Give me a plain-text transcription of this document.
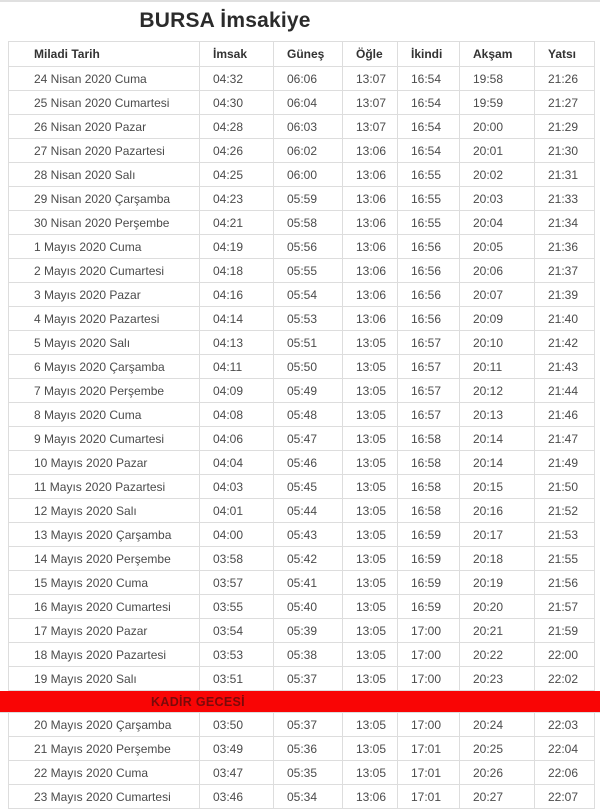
BURSA İmsakiye
Miladi Tarih	İmsak	Güneş	Öğle	İkindi	Akşam	Yatsı
24 Nisan 2020 Cuma	04:32	06:06	13:07	16:54	19:58	21:26
25 Nisan 2020 Cumartesi	04:30	06:04	13:07	16:54	19:59	21:27
26 Nisan 2020 Pazar	04:28	06:03	13:07	16:54	20:00	21:29
27 Nisan 2020 Pazartesi	04:26	06:02	13:06	16:54	20:01	21:30
28 Nisan 2020 Salı	04:25	06:00	13:06	16:55	20:02	21:31
29 Nisan 2020 Çarşamba	04:23	05:59	13:06	16:55	20:03	21:33
30 Nisan 2020 Perşembe	04:21	05:58	13:06	16:55	20:04	21:34
1 Mayıs 2020 Cuma	04:19	05:56	13:06	16:56	20:05	21:36
2 Mayıs 2020 Cumartesi	04:18	05:55	13:06	16:56	20:06	21:37
3 Mayıs 2020 Pazar	04:16	05:54	13:06	16:56	20:07	21:39
4 Mayıs 2020 Pazartesi	04:14	05:53	13:06	16:56	20:09	21:40
5 Mayıs 2020 Salı	04:13	05:51	13:05	16:57	20:10	21:42
6 Mayıs 2020 Çarşamba	04:11	05:50	13:05	16:57	20:11	21:43
7 Mayıs 2020 Perşembe	04:09	05:49	13:05	16:57	20:12	21:44
8 Mayıs 2020 Cuma	04:08	05:48	13:05	16:57	20:13	21:46
9 Mayıs 2020 Cumartesi	04:06	05:47	13:05	16:58	20:14	21:47
10 Mayıs 2020 Pazar	04:04	05:46	13:05	16:58	20:14	21:49
11 Mayıs 2020 Pazartesi	04:03	05:45	13:05	16:58	20:15	21:50
12 Mayıs 2020 Salı	04:01	05:44	13:05	16:58	20:16	21:52
13 Mayıs 2020 Çarşamba	04:00	05:43	13:05	16:59	20:17	21:53
14 Mayıs 2020 Perşembe	03:58	05:42	13:05	16:59	20:18	21:55
15 Mayıs 2020 Cuma	03:57	05:41	13:05	16:59	20:19	21:56
16 Mayıs 2020 Cumartesi	03:55	05:40	13:05	16:59	20:20	21:57
17 Mayıs 2020 Pazar	03:54	05:39	13:05	17:00	20:21	21:59
18 Mayıs 2020 Pazartesi	03:53	05:38	13:05	17:00	20:22	22:00
19 Mayıs 2020 Salı	03:51	05:37	13:05	17:00	20:23	22:02
KADİR GECESİ
20 Mayıs 2020 Çarşamba	03:50	05:37	13:05	17:00	20:24	22:03
21 Mayıs 2020 Perşembe	03:49	05:36	13:05	17:01	20:25	22:04
22 Mayıs 2020 Cuma	03:47	05:35	13:05	17:01	20:26	22:06
23 Mayıs 2020 Cumartesi	03:46	05:34	13:06	17:01	20:27	22:07
